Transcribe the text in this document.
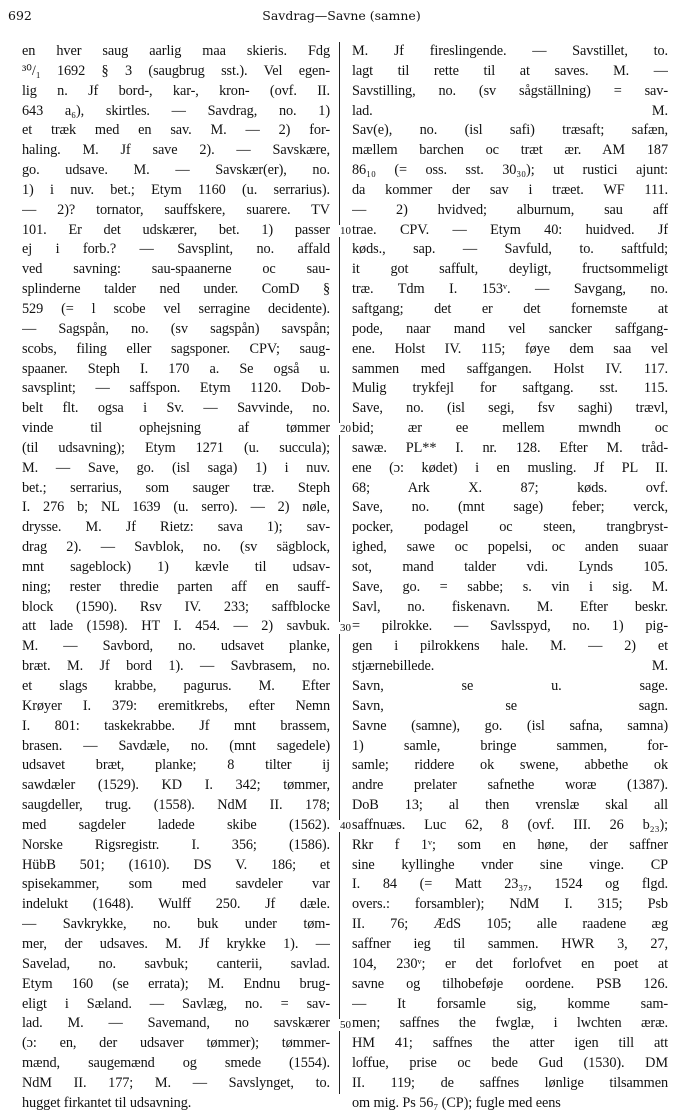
692	Savdrag—Savne (samne)
en hver saug aarlig maa skieris. Fdg
³⁰/₁ 1692 § 3 (saugbrug sst.). Vel egen-
lig n. Jf bord-, kar-, kron- (ovf. II.
643 a₆), skirtles. — Savdrag, no. 1)
et træk med en sav. M. — 2) for-
haling. M. Jf save 2). — Savskære,
go. udsave. M. — Savskær(er), no.
1) i nuv. bet.; Etym 1160 (u. serrarius).
— 2)? tornator, sauffskere, suarere. TV
101. Er det udskærer, bet. 1) passer
ej i forb.? — Savsplint, no. affald
ved savning: sau-spaanerne oc sau-
splinderne talder ned under. ComD §
529 (= l scobe vel serragine decidente).
— Sagspån, no. (sv sagspån) savspån;
scobs, filing eller sagsponer. CPV; saug-
spaaner. Steph I. 170 a. Se også u.
savsplint; — saffspon. Etym 1120. Dob-
belt flt. ogsa i Sv. — Savvinde, no.
vinde til ophejsning af tømmer
(til udsavning); Etym 1271 (u. succula);
M. — Save, go. (isl saga) 1) i nuv.
bet.; serrarius, som sauger træ. Steph
I. 276 b; NL 1639 (u. serro). — 2) nøle,
drysse. M. Jf Rietz: sava 1); sav-
drag 2). — Savblok, no. (sv sägblock,
mnt sageblock) 1) kævle til udsav-
ning; rester thredie parten aff en sauff-
block (1590). Rsv IV. 233; saffblocke
att lade (1598). HT I. 454. — 2) savbuk.
M. — Savbord, no. udsavet planke,
bræt. M. Jf bord 1). — Savbrasem, no.
et slags krabbe, pagurus. M. Efter
Krøyer I. 379: eremitkrebs, efter Nemn
I. 801: taskekrabbe. Jf mnt brassem,
brasen. — Savdæle, no. (mnt sagedele)
udsavet bræt, planke; 8 tilter ij
sawdæler (1529). KD I. 342; tømmer,
saugdeller, trug. (1558). NdM II. 178;
med sagdeler ladede skibe (1562).
Norske Rigsregistr. I. 356; (1586).
HübB 501; (1610). DS V. 186; et
spisekammer, som med savdeler var
indelukt (1648). Wulff 250. Jf dæle.
— Savkrykke, no. buk under tøm-
mer, der udsaves. M. Jf krykke 1). —
Savelad, no. savbuk; canterii, savlad.
Etym 160 (se errata); M. Endnu brug-
eligt i Sæland. — Savlæg, no. = sav-
lad. M. — Savemand, no savskærer
(ɔ: en, der udsaver tømmer); tømmer-
mænd, saugemænd og smede (1554).
NdM II. 177; M. — Savslynget, to.
hugget firkantet til udsavning.
M. Jf fireslingende. — Savstillet, to.
lagt til rette til at saves. M. —
Savstilling, no. (sv sågställning) = sav-
lad. M.
Sav(e), no. (isl safi) træsaft; safæn,
mællem barchen oc træt ær. AM 187
86₁₀ (= oss. sst. 30₃₀); ut rustici ajunt:
da kommer der sav i træet. WF 111.
— 2) hvidved; alburnum, sau aff
trae. CPV. — Etym 40: huidved. Jf
køds., sap. — Savfuld, to. saftfuld;
it got saffult, deyligt, fructsommeligt
træ. Tdm I. 153ᵛ. — Savgang, no.
saftgang; det er det fornemste at
pode, naar mand vel sancker saffgang-
ene. Holst IV. 115; føye dem saa vel
sammen med saffgangen. Holst IV. 117.
Mulig trykfejl for saftgang. sst. 115.
Save, no. (isl segi, fsv saghi) trævl,
bid; ær ee mellem mwndh oc
sawæ. PL** I. nr. 128. Efter M. tråd-
ene (ɔ: kødet) i en musling. Jf PL II.
68; Ark X. 87; køds. ovf.
Save, no. (mnt sage) feber; verck,
pocker, podagel oc steen, trangbryst-
ighed, sawe oc popelsi, oc anden suaar
sot, mand talder vdi. Lynds 105.
Save, go. = sabbe; s. vin i sig. M.
Savl, no. fiskenavn. M. Efter beskr.
= pilrokke. — Savlsspyd, no. 1) pig-
gen i pilrokkens hale. M. — 2) et
stjærnebillede. M.
Savn, se u. sage.
Savn, se sagn.
Savne (samne), go. (isl safna, samna)
1) samle, bringe sammen, for-
samle; riddere ok swene, abbethe ok
andre prelater safnethe woræ (1387).
DoB 13; al then vrenslæ skal all
saffnuæs. Luc 62, 8 (ovf. III. 26 b₂₃);
Rkr f 1ᵛ; som en høne, der saffner
sine kyllinghe vnder sine vinge. CP
I. 84 (= Matt 23₃₇, 1524 og flgd.
overs.: forsambler); NdM I. 315; Psb
II. 76; ÆdS 105; alle raadene æg
saffner ieg til sammen. HWR 3, 27,
104, 230ᵛ; er det forlofvet en poet at
savne og tilhobeføje oordene. PSB 126.
— It forsamle sig, komme sam-
men; saffnes the fwglæ, i lwchten æræ.
HM 41; saffnes the atter igen till att
loffue, prise oc bede Gud (1530). DM
II. 119; de saffnes lønlige tilsammen
om mig. Ps 56₇ (CP); fugle med eens
10
20
30
40
50
